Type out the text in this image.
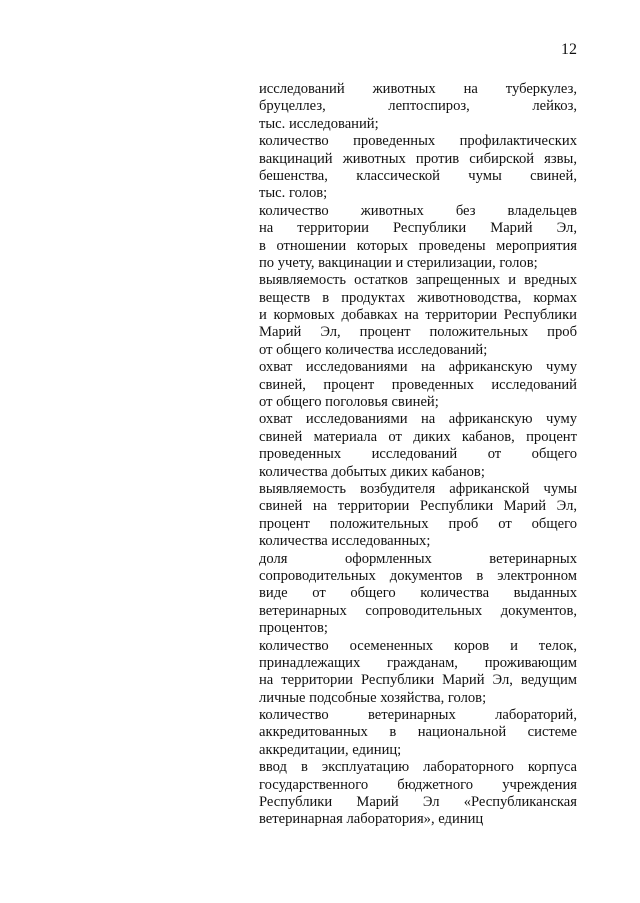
12
исследований животных на туберкулез,
бруцеллез, лептоспироз, лейкоз,
тыс. исследований;
количество проведенных профилактических
вакцинаций животных против сибирской язвы,
бешенства, классической чумы свиней,
тыс. голов;
количество животных без владельцев
на территории Республики Марий Эл,
в отношении которых проведены мероприятия
по учету, вакцинации и стерилизации, голов;
выявляемость остатков запрещенных и вредных
веществ в продуктах животноводства, кормах
и кормовых добавках на территории Республики
Марий Эл, процент положительных проб
от общего количества исследований;
охват исследованиями на африканскую чуму
свиней, процент проведенных исследований
от общего поголовья свиней;
охват исследованиями на африканскую чуму
свиней материала от диких кабанов, процент
проведенных исследований от общего
количества добытых диких кабанов;
выявляемость возбудителя африканской чумы
свиней на территории Республики Марий Эл,
процент положительных проб от общего
количества исследованных;
доля оформленных ветеринарных
сопроводительных документов в электронном
виде от общего количества выданных
ветеринарных сопроводительных документов,
процентов;
количество осемененных коров и телок,
принадлежащих гражданам, проживающим
на территории Республики Марий Эл, ведущим
личные подсобные хозяйства, голов;
количество ветеринарных лабораторий,
аккредитованных в национальной системе
аккредитации, единиц;
ввод в эксплуатацию лабораторного корпуса
государственного бюджетного учреждения
Республики Марий Эл «Республиканская
ветеринарная лаборатория», единиц
